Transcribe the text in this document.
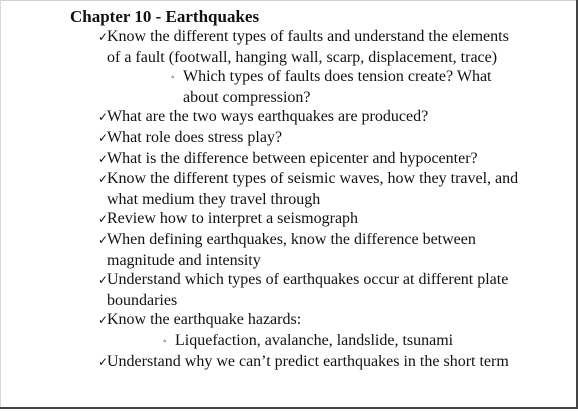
Chapter 10 - Earthquakes
✓Know the different types of faults and understand the elements of a fault (footwall, hanging wall, scarp, displacement, trace)
◦ Which types of faults does tension create? What about compression?
✓What are the two ways earthquakes are produced?
✓What role does stress play?
✓What is the difference between epicenter and hypocenter?
✓Know the different types of seismic waves, how they travel, and what medium they travel through
✓Review how to interpret a seismograph
✓When defining earthquakes, know the difference between magnitude and intensity
✓Understand which types of earthquakes occur at different plate boundaries
✓Know the earthquake hazards:
◦ Liquefaction, avalanche, landslide, tsunami
✓Understand why we can’t predict earthquakes in the short term
